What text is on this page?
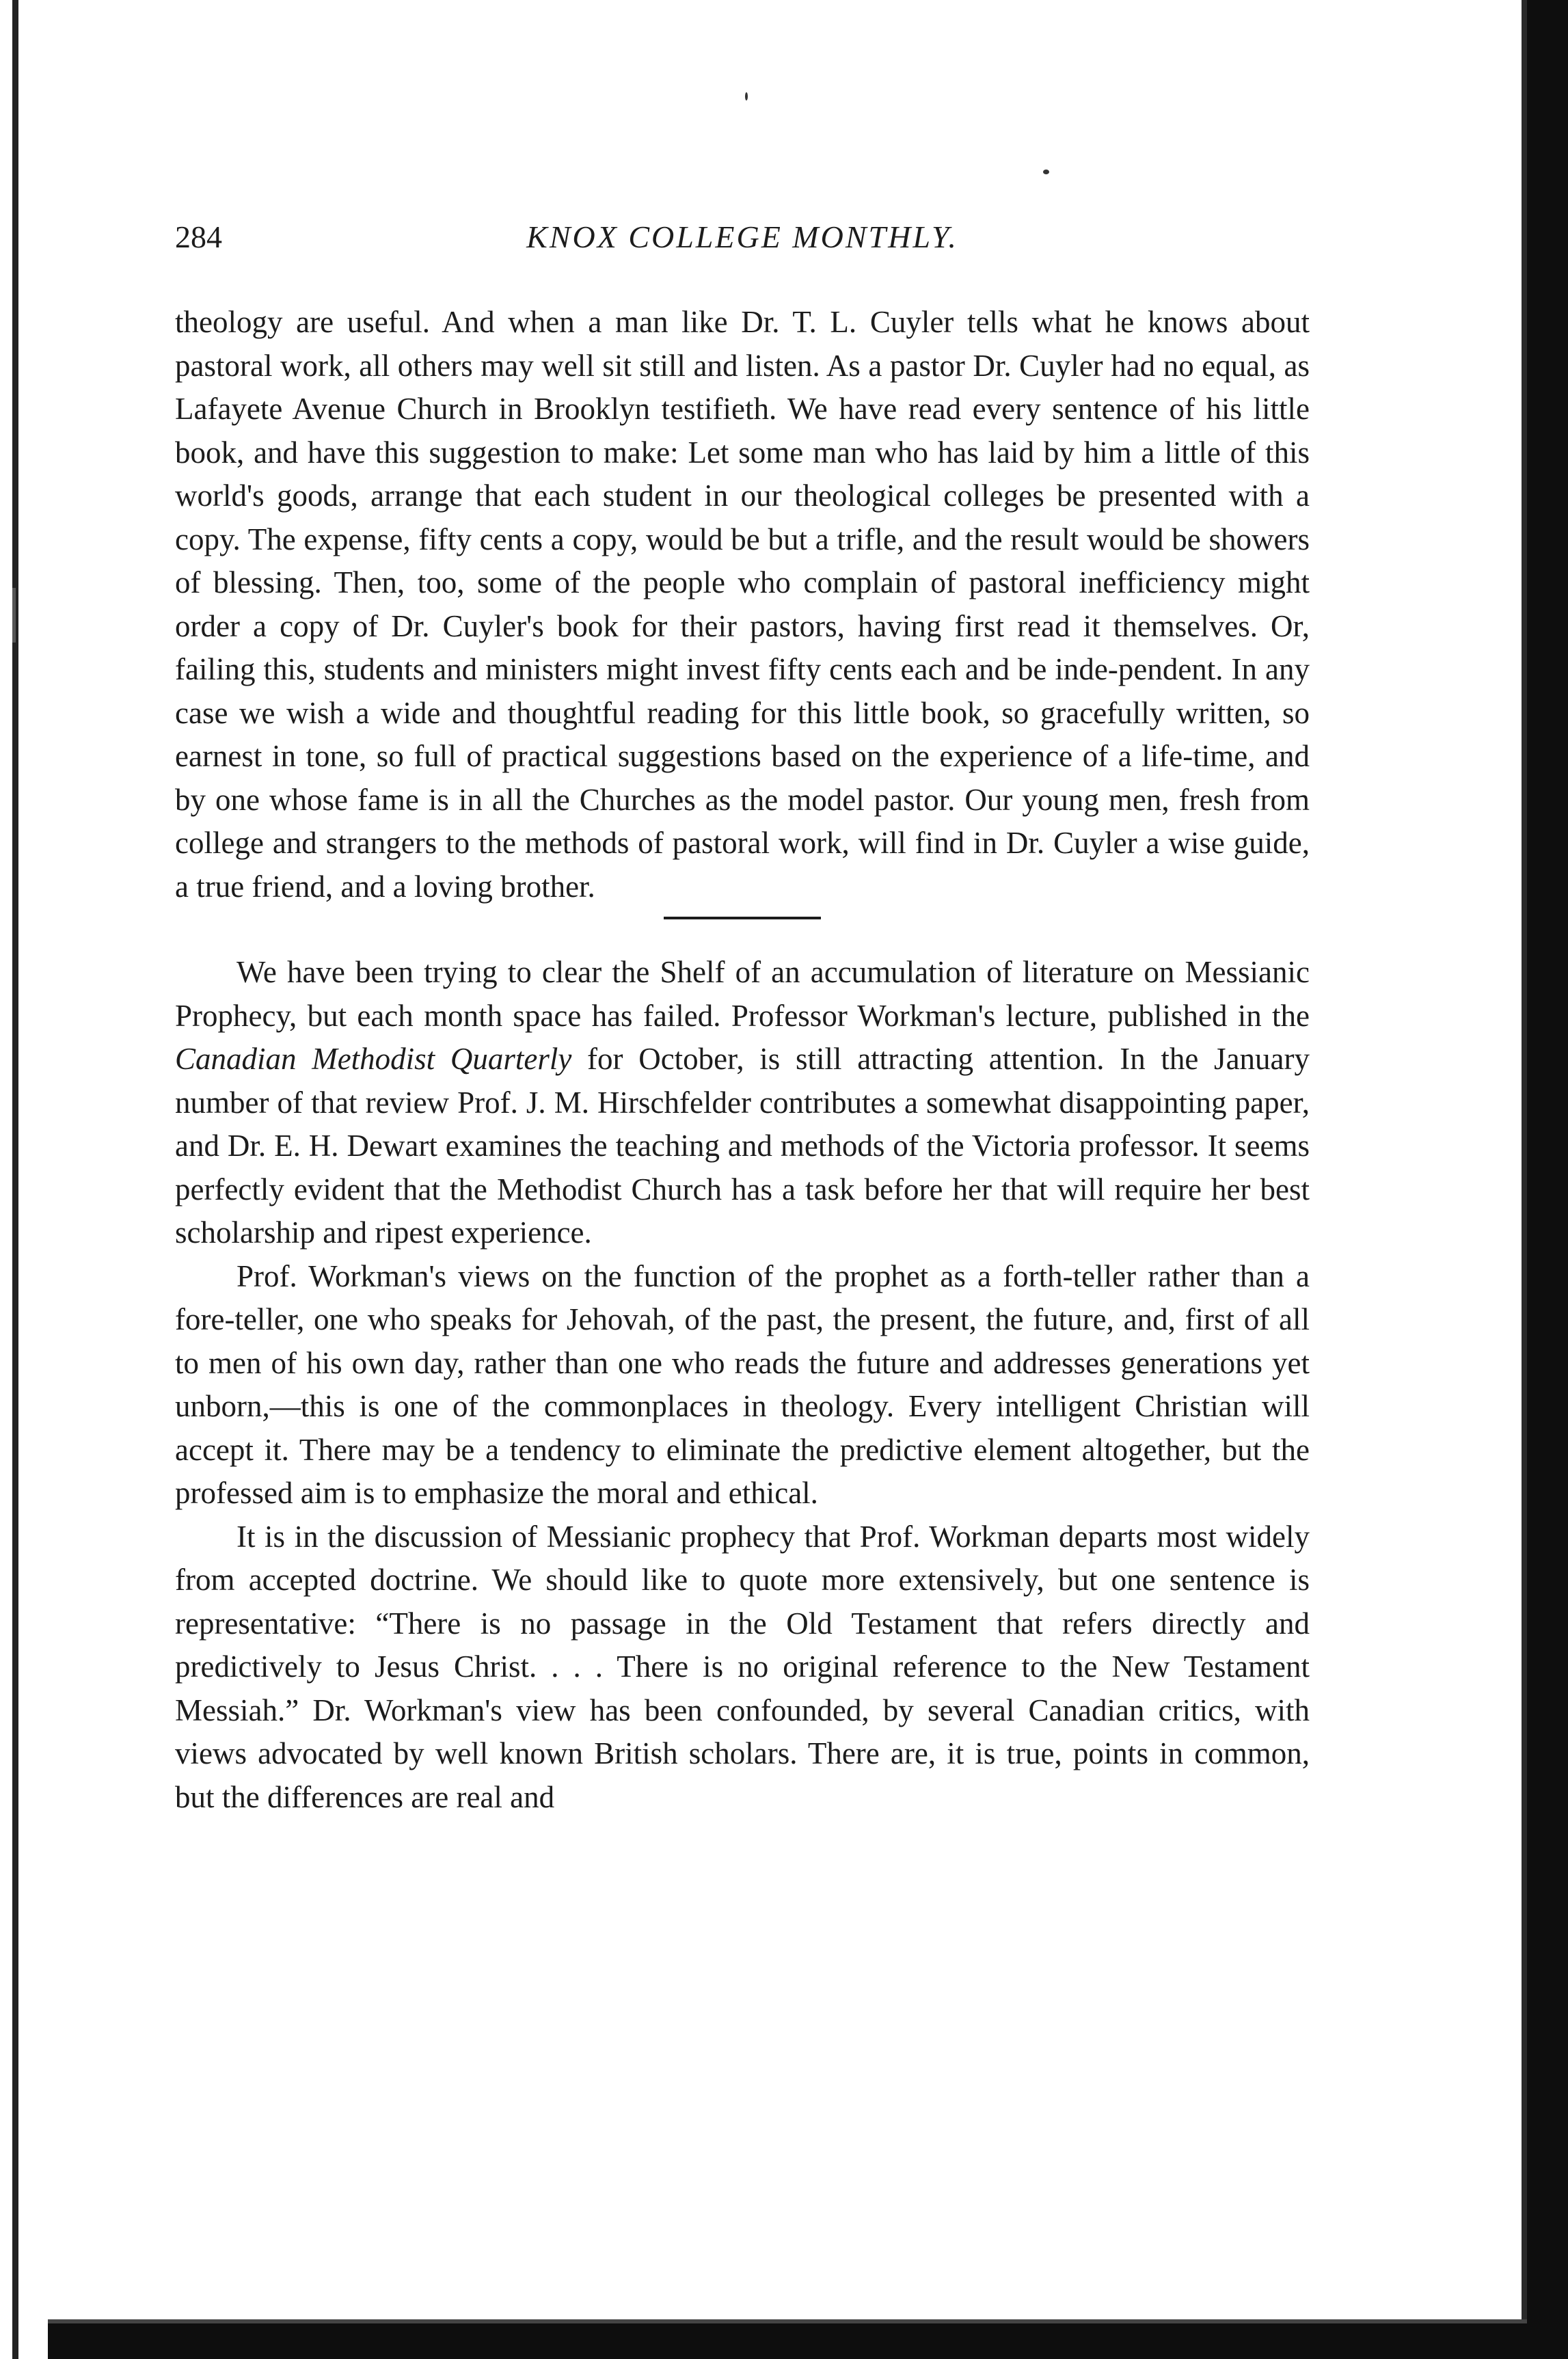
284	KNOX COLLEGE MONTHLY.

theology are useful. And when a man like Dr. T. L. Cuyler tells what he knows about pastoral work, all others may well sit still and listen. As a pastor Dr. Cuyler had no equal, as Lafayete Avenue Church in Brooklyn testifieth. We have read every sentence of his little book, and have this suggestion to make: Let some man who has laid by him a little of this world's goods, arrange that each student in our theological colleges be presented with a copy. The expense, fifty cents a copy, would be but a trifle, and the result would be showers of blessing. Then, too, some of the people who complain of pastoral inefficiency might order a copy of Dr. Cuyler's book for their pastors, having first read it themselves. Or, failing this, students and ministers might invest fifty cents each and be inde-pendent. In any case we wish a wide and thoughtful reading for this little book, so gracefully written, so earnest in tone, so full of practical suggestions based on the experience of a life-time, and by one whose fame is in all the Churches as the model pastor. Our young men, fresh from college and strangers to the methods of pastoral work, will find in Dr. Cuyler a wise guide, a true friend, and a loving brother.

We have been trying to clear the Shelf of an accumulation of literature on Messianic Prophecy, but each month space has failed. Professor Workman's lecture, published in the Canadian Methodist Quarterly for October, is still attracting attention. In the January number of that review Prof. J. M. Hirschfelder contributes a somewhat disappointing paper, and Dr. E. H. Dewart examines the teaching and methods of the Victoria professor. It seems perfectly evident that the Methodist Church has a task before her that will require her best scholarship and ripest experience.

Prof. Workman's views on the function of the prophet as a forth-teller rather than a fore-teller, one who speaks for Jehovah, of the past, the present, the future, and, first of all to men of his own day, rather than one who reads the future and addresses generations yet unborn,—this is one of the commonplaces in theology. Every intelligent Christian will accept it. There may be a tendency to eliminate the predictive element altogether, but the professed aim is to emphasize the moral and ethical.

It is in the discussion of Messianic prophecy that Prof. Workman departs most widely from accepted doctrine. We should like to quote more extensively, but one sentence is representative: “There is no passage in the Old Testament that refers directly and predictively to Jesus Christ. . . . There is no original reference to the New Testament Messiah.” Dr. Workman's view has been confounded, by several Canadian critics, with views advocated by well known British scholars. There are, it is true, points in common, but the differences are real and
